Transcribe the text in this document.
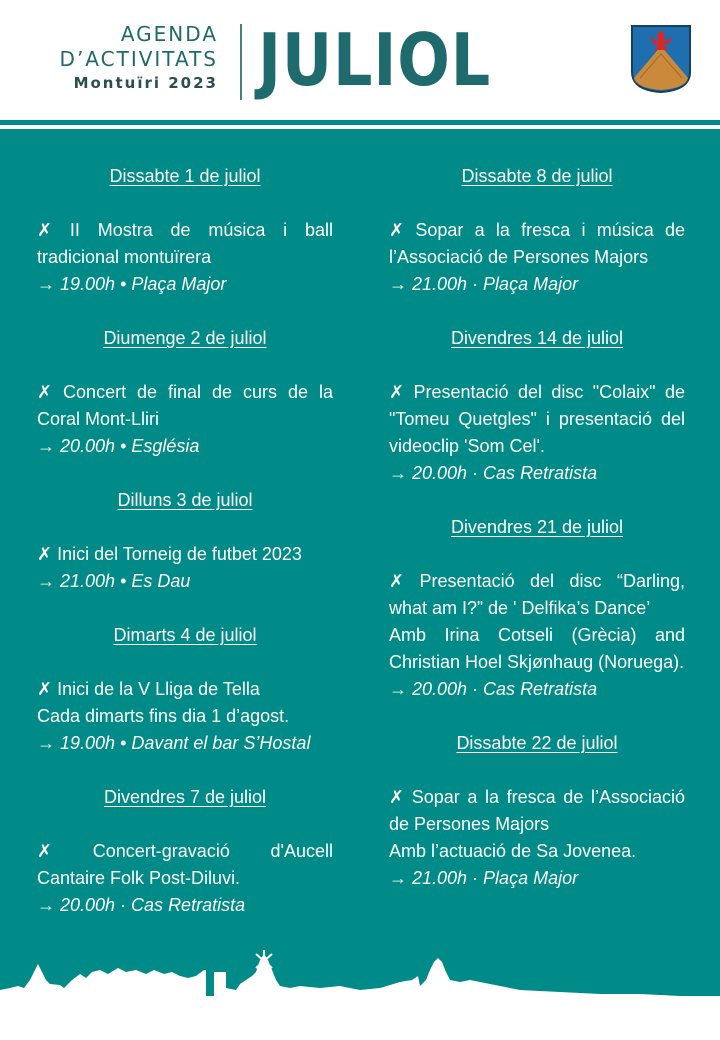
AGENDA
D’ACTIVITATS
Montuïri 2023 JULIOL
Dissabte 1 de juliol
✗ II Mostra de música i ball tradicional montuïrera
→ 19.00h • Plaça Major
Diumenge 2 de juliol
✗ Concert de final de curs de la Coral Mont-Lliri
→ 20.00h • Església
Dilluns 3 de juliol
✗ Inici del Torneig de futbet 2023
→ 21.00h • Es Dau
Dimarts 4 de juliol
✗ Inici de la V Lliga de Tella
Cada dimarts fins dia 1 d’agost.
→ 19.00h • Davant el bar S’Hostal
Divendres 7 de juliol
✗ Concert-gravació d'Aucell Cantaire Folk Post-Diluvi.
→ 20.00h · Cas Retratista
Dissabte 8 de juliol
✗ Sopar a la fresca i música de l’Associació de Persones Majors
→ 21.00h · Plaça Major
Divendres 14 de juliol
✗ Presentació del disc "Colaix" de "Tomeu Quetgles" i presentació del videoclip 'Som Cel'.
→ 20.00h · Cas Retratista
Divendres 21 de juliol
✗ Presentació del disc “Darling, what am I?” de ' Delfika’s Dance’
Amb Irina Cotseli (Grècia) and Christian Hoel Skjønhaug (Noruega).
→ 20.00h · Cas Retratista
Dissabte 22 de juliol
✗ Sopar a la fresca de l’Associació de Persones Majors
Amb l’actuació de Sa Jovenea.
→ 21.00h · Plaça Major
